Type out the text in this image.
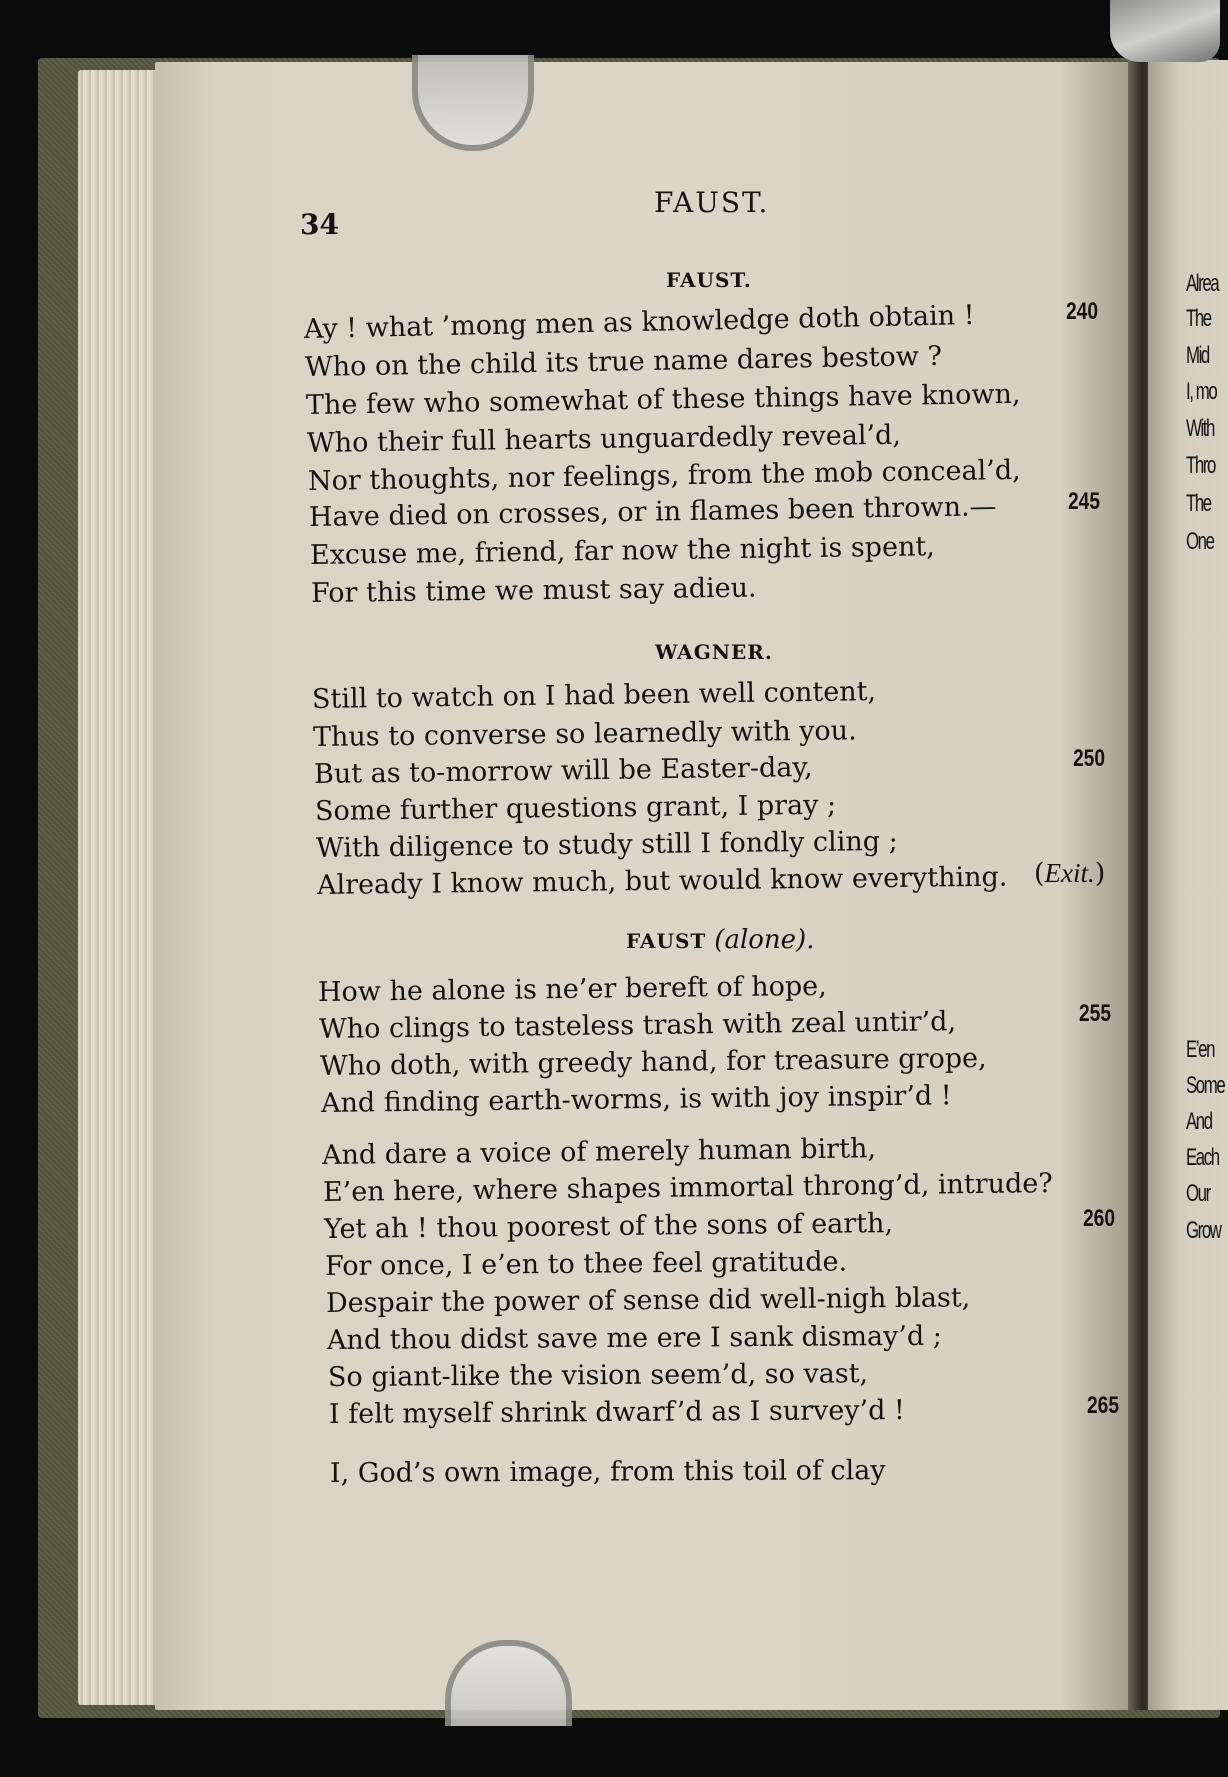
Alrea
The
Mid
I, mo
With
Thro
The
One
E’en
Some
And
Each
Our
Grow
34
FAUST.
FAUST.
Ay ! what ’mong men as knowledge doth obtain !
Who on the child its true name dares bestow ?
The few who somewhat of these things have known,
Who their full hearts unguardedly reveal’d,
Nor thoughts, nor feelings, from the mob conceal’d,
Have died on crosses, or in flames been thrown.—
Excuse me, friend, far now the night is spent,
For this time we must say adieu.
WAGNER.
Still to watch on I had been well content,
Thus to converse so learnedly with you.
But as to-morrow will be Easter-day,
Some further questions grant, I pray ;
With diligence to study still I fondly cling ;
Already I know much, but would know everything. (Exit.)
FAUST (alone).
How he alone is ne’er bereft of hope,
Who clings to tasteless trash with zeal untir’d,
Who doth, with greedy hand, for treasure grope,
And finding earth-worms, is with joy inspir’d !
And dare a voice of merely human birth,
E’en here, where shapes immortal throng’d, intrude?
Yet ah ! thou poorest of the sons of earth,
For once, I e’en to thee feel gratitude.
Despair the power of sense did well-nigh blast,
And thou didst save me ere I sank dismay’d ;
So giant-like the vision seem’d, so vast,
I felt myself shrink dwarf’d as I survey’d !
I, God’s own image, from this toil of clay
240
245
250
255
260
265
